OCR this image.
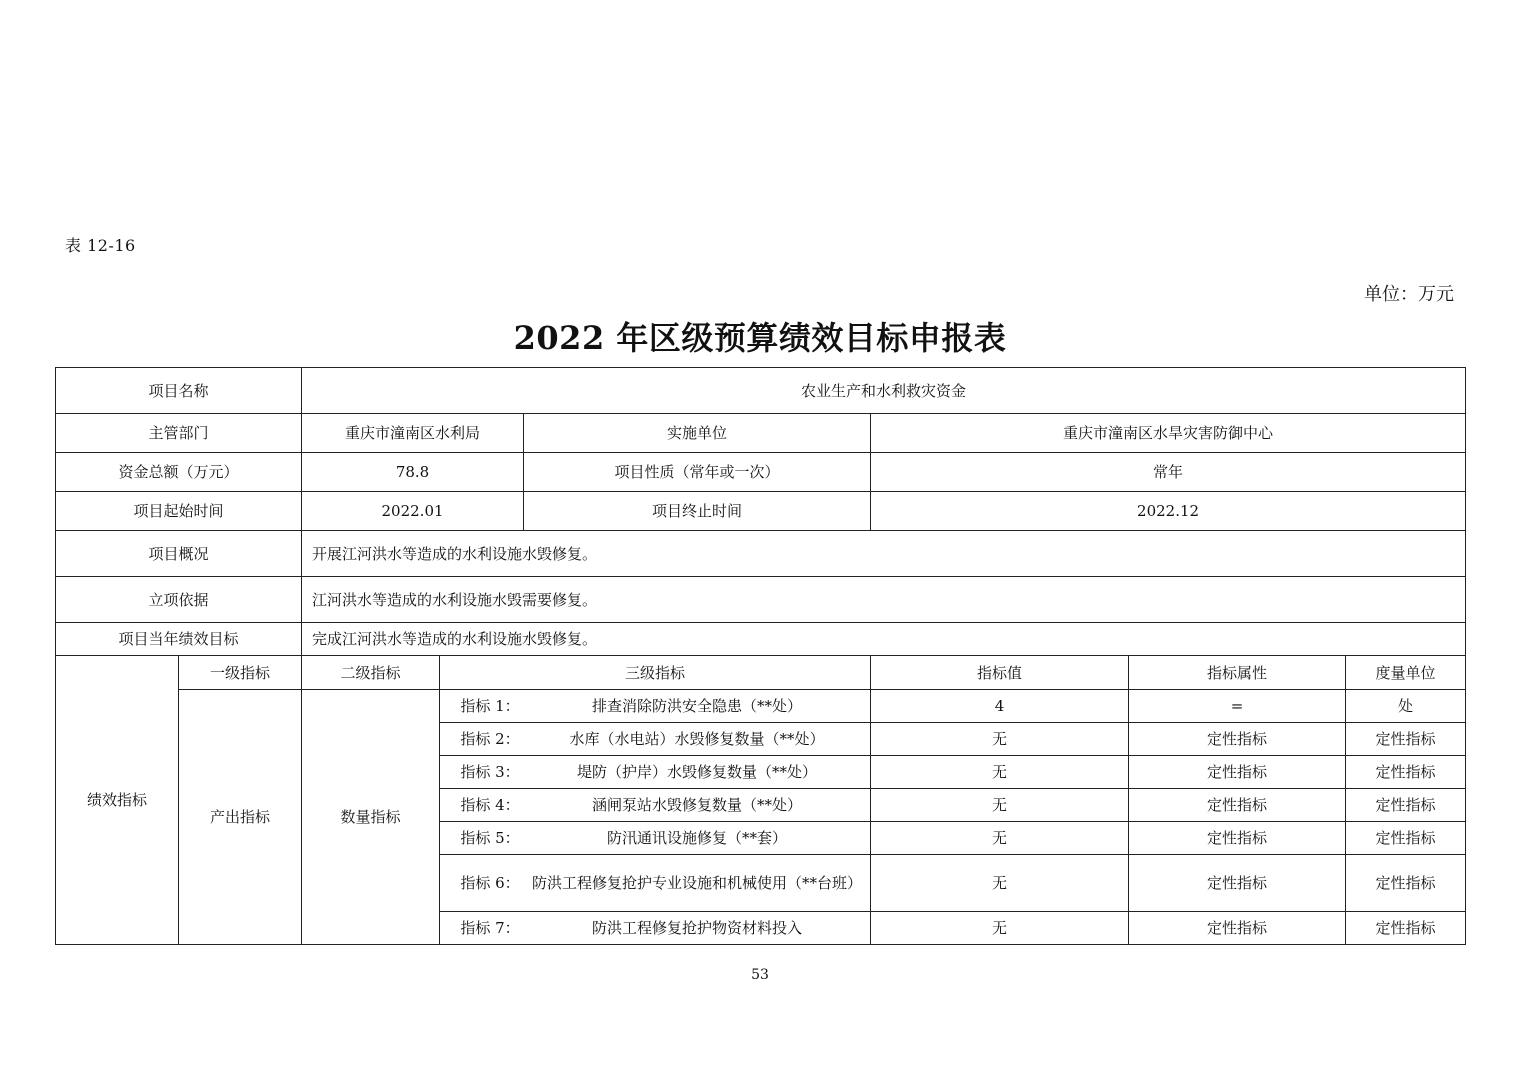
表 12-16
单位：万元
2022 年区级预算绩效目标申报表
项目名称		农业生产和水利救灾资金					
主管部门		重庆市潼南区水利局		实施单位	重庆市潼南区水旱灾害防御中心		
资金总额（万元）		78.8		项目性质（常年或一次）	常年		
项目起始时间		2022.01		项目终止时间	2022.12		
项目概况		开展江河洪水等造成的水利设施水毁修复。					
立项依据		江河洪水等造成的水利设施水毁需要修复。					
项目当年绩效目标		完成江河洪水等造成的水利设施水毁修复。					
绩效指标	一级指标	二级指标	三级指标		指标值	指标属性	度量单位
	产出指标	数量指标	指标 1： 排查消除防洪安全隐患（**处）		4	=	处
			指标 2： 水库（水电站）水毁修复数量（**处）		无	定性指标	定性指标
			指标 3： 堤防（护岸）水毁修复数量（**处）		无	定性指标	定性指标
			指标 4： 涵闸泵站水毁修复数量（**处）		无	定性指标	定性指标
			指标 5： 防汛通讯设施修复（**套）		无	定性指标	定性指标
			指标 6： 防洪工程修复抢护专业设施和机械使用（**台班）		无	定性指标	定性指标
			指标 7： 防洪工程修复抢护物资材料投入		无	定性指标	定性指标
53
